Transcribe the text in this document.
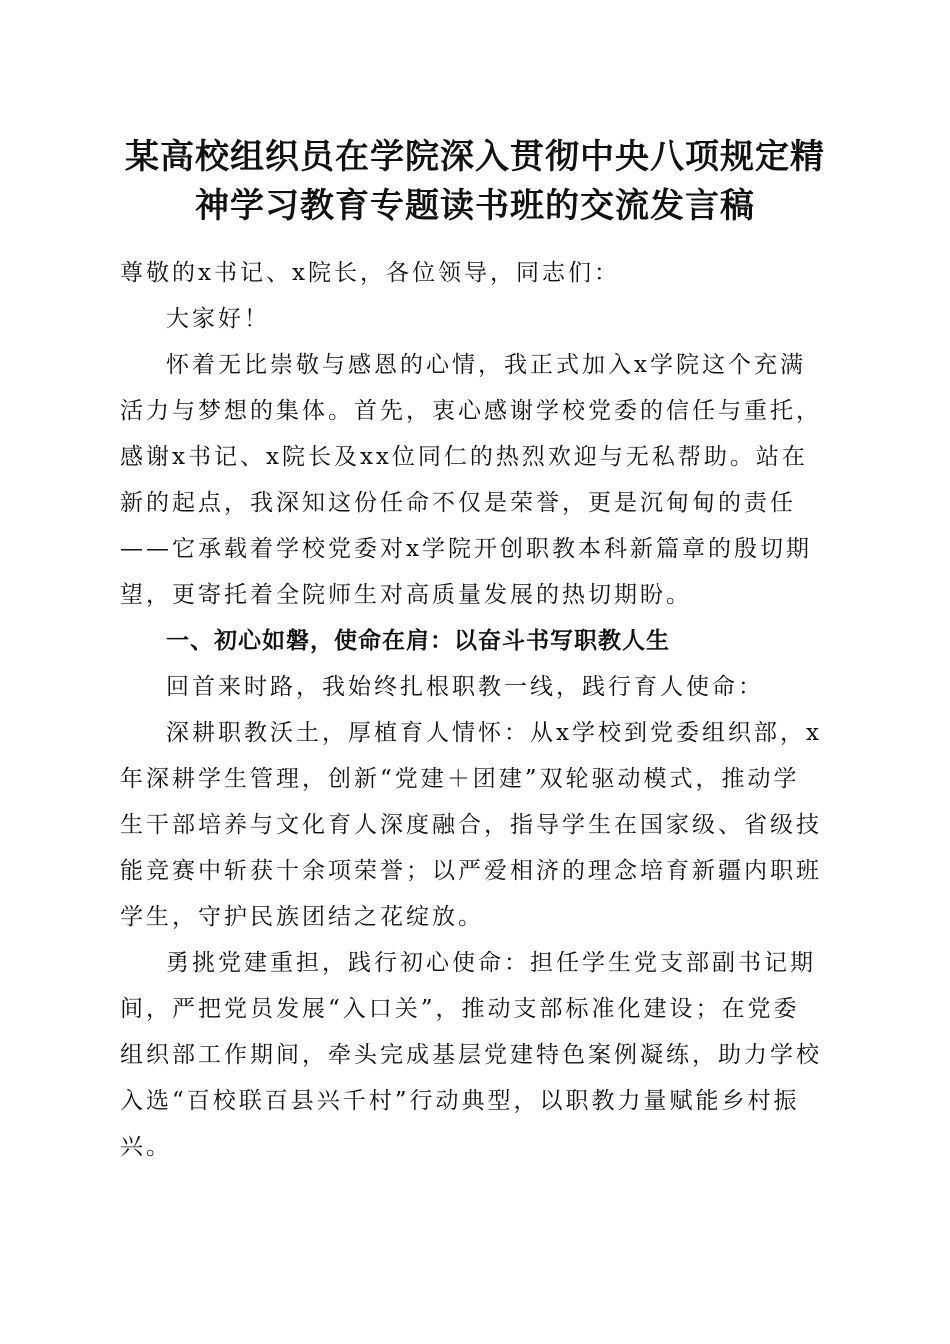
某高校组织员在学院深入贯彻中央八项规定精
神学习教育专题读书班的交流发言稿

尊敬的x书记、x院长，各位领导，同志们：

大家好！

怀着无比崇敬与感恩的心情，我正式加入x学院这个充满
活力与梦想的集体。首先，衷心感谢学校党委的信任与重托，
感谢x书记、x院长及xx位同仁的热烈欢迎与无私帮助。站在
新的起点，我深知这份任命不仅是荣誉，更是沉甸甸的责任
——它承载着学校党委对x学院开创职教本科新篇章的殷切期
望，更寄托着全院师生对高质量发展的热切期盼。

一、初心如磐，使命在肩：以奋斗书写职教人生

回首来时路，我始终扎根职教一线，践行育人使命：

深耕职教沃土，厚植育人情怀：从x学校到党委组织部，x
年深耕学生管理，创新“党建＋团建”双轮驱动模式，推动学
生干部培养与文化育人深度融合，指导学生在国家级、省级技
能竞赛中斩获十余项荣誉；以严爱相济的理念培育新疆内职班
学生，守护民族团结之花绽放。

勇挑党建重担，践行初心使命：担任学生党支部副书记期
间，严把党员发展“入口关”，推动支部标准化建设；在党委
组织部工作期间，牵头完成基层党建特色案例凝练，助力学校
入选“百校联百县兴千村”行动典型，以职教力量赋能乡村振
兴。
